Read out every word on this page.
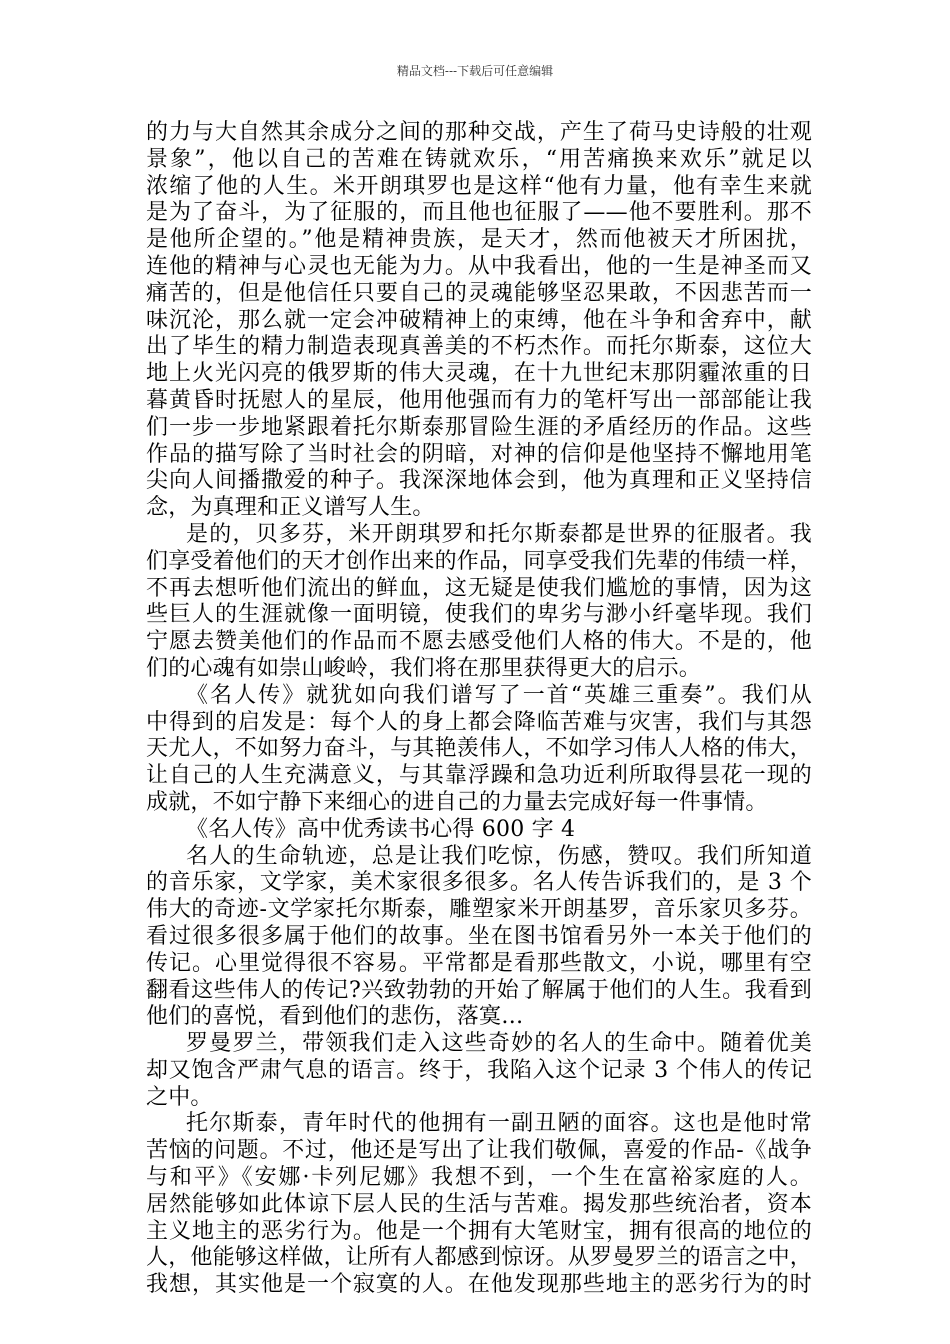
精品文档---下载后可任意编辑
的力与大自然其余成分之间的那种交战，产生了荷马史诗般的壮观
景象”，他以自己的苦难在铸就欢乐，“用苦痛换来欢乐”就足以
浓缩了他的人生。米开朗琪罗也是这样“他有力量，他有幸生来就
是为了奋斗，为了征服的，而且他也征服了——他不要胜利。那不
是他所企望的。”他是精神贵族，是天才，然而他被天才所困扰，
连他的精神与心灵也无能为力。从中我看出，他的一生是神圣而又
痛苦的，但是他信任只要自己的灵魂能够坚忍果敢，不因悲苦而一
味沉沦，那么就一定会冲破精神上的束缚，他在斗争和舍弃中，献
出了毕生的精力制造表现真善美的不朽杰作。而托尔斯泰，这位大
地上火光闪亮的俄罗斯的伟大灵魂，在十九世纪末那阴霾浓重的日
暮黄昏时抚慰人的星辰，他用他强而有力的笔杆写出一部部能让我
们一步一步地紧跟着托尔斯泰那冒险生涯的矛盾经历的作品。这些
作品的描写除了当时社会的阴暗，对神的信仰是他坚持不懈地用笔
尖向人间播撒爱的种子。我深深地体会到，他为真理和正义坚持信
念，为真理和正义谱写人生。
是的，贝多芬，米开朗琪罗和托尔斯泰都是世界的征服者。我
们享受着他们的天才创作出来的作品，同享受我们先辈的伟绩一样，
不再去想听他们流出的鲜血，这无疑是使我们尴尬的事情，因为这
些巨人的生涯就像一面明镜，使我们的卑劣与渺小纤毫毕现。我们
宁愿去赞美他们的作品而不愿去感受他们人格的伟大。不是的，他
们的心魂有如崇山峻岭，我们将在那里获得更大的启示。
《名人传》就犹如向我们谱写了一首“英雄三重奏”。我们从
中得到的启发是：每个人的身上都会降临苦难与灾害，我们与其怨
天尤人，不如努力奋斗，与其艳羡伟人，不如学习伟人人格的伟大，
让自己的人生充满意义，与其靠浮躁和急功近利所取得昙花一现的
成就，不如宁静下来细心的进自己的力量去完成好每一件事情。
《名人传》高中优秀读书心得 600 字 4
名人的生命轨迹，总是让我们吃惊，伤感，赞叹。我们所知道
的音乐家，文学家，美术家很多很多。名人传告诉我们的，是 3 个
伟大的奇迹-文学家托尔斯泰，雕塑家米开朗基罗，音乐家贝多芬。
看过很多很多属于他们的故事。坐在图书馆看另外一本关于他们的
传记。心里觉得很不容易。平常都是看那些散文，小说，哪里有空
翻看这些伟人的传记?兴致勃勃的开始了解属于他们的人生。我看到
他们的喜悦，看到他们的悲伤，落寞…
罗曼罗兰，带领我们走入这些奇妙的名人的生命中。随着优美
却又饱含严肃气息的语言。终于，我陷入这个记录 3 个伟人的传记
之中。
托尔斯泰，青年时代的他拥有一副丑陋的面容。这也是他时常
苦恼的问题。不过，他还是写出了让我们敬佩，喜爱的作品-《战争
与和平》《安娜·卡列尼娜》我想不到，一个生在富裕家庭的人。
居然能够如此体谅下层人民的生活与苦难。揭发那些统治者，资本
主义地主的恶劣行为。他是一个拥有大笔财宝，拥有很高的地位的
人，他能够这样做，让所有人都感到惊讶。从罗曼罗兰的语言之中，
我想，其实他是一个寂寞的人。在他发现那些地主的恶劣行为的时
